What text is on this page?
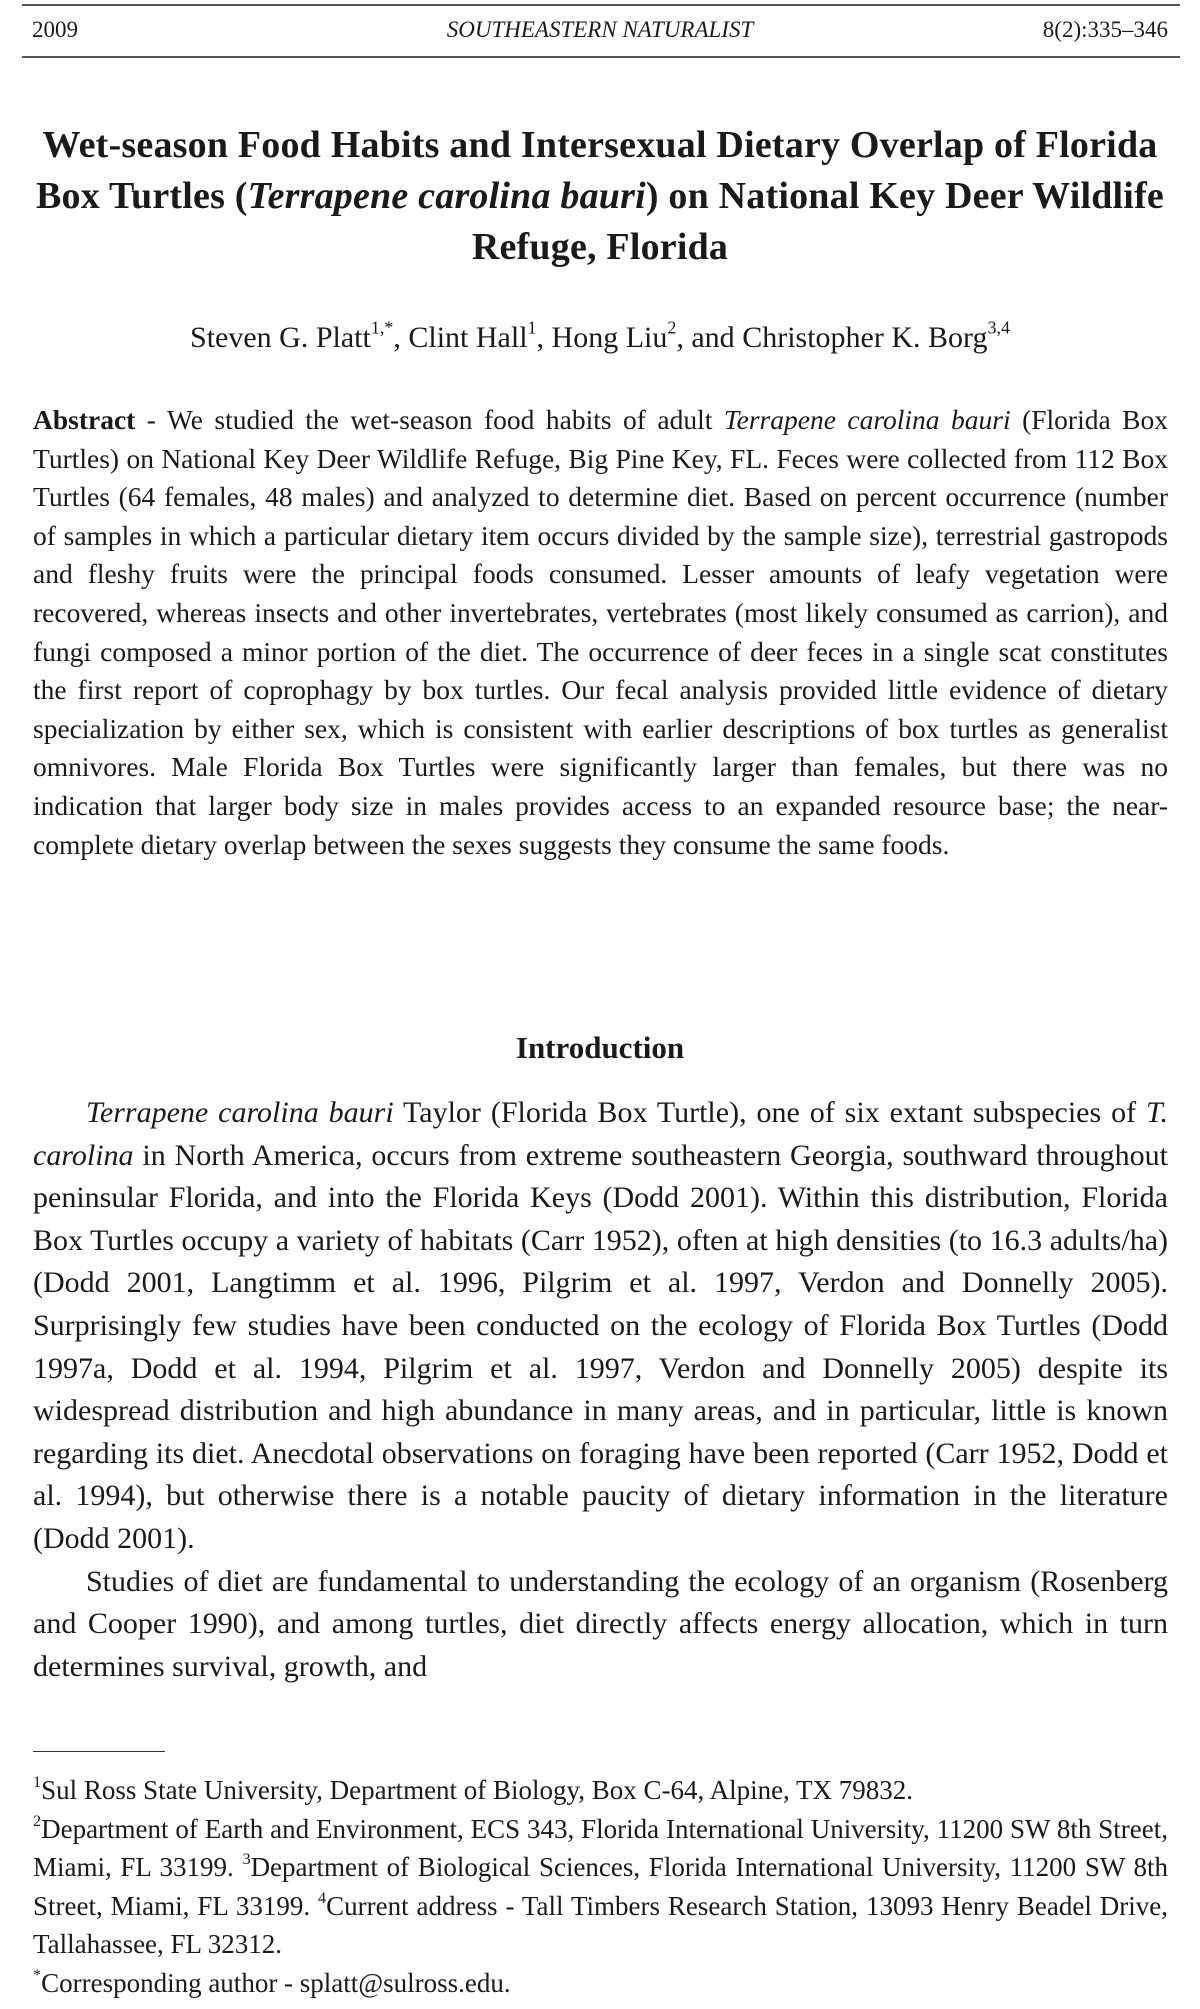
2009	SOUTHEASTERN NATURALIST	8(2):335–346
Wet-season Food Habits and Intersexual Dietary Overlap of Florida Box Turtles (Terrapene carolina bauri) on National Key Deer Wildlife Refuge, Florida
Steven G. Platt$^{1,*}$, Clint Hall$^1$, Hong Liu$^2$, and Christopher K. Borg$^{3,4}$
Abstract - We studied the wet-season food habits of adult Terrapene carolina bauri (Florida Box Turtles) on National Key Deer Wildlife Refuge, Big Pine Key, FL. Feces were collected from 112 Box Turtles (64 females, 48 males) and analyzed to determine diet. Based on percent occurrence (number of samples in which a particular dietary item occurs divided by the sample size), terrestrial gastropods and fleshy fruits were the principal foods consumed. Lesser amounts of leafy vegetation were recovered, whereas insects and other invertebrates, vertebrates (most likely consumed as carrion), and fungi composed a minor portion of the diet. The occurrence of deer feces in a single scat constitutes the first report of coprophagy by box turtles. Our fecal analysis provided little evidence of dietary specialization by either sex, which is consistent with earlier descriptions of box turtles as generalist omnivores. Male Florida Box Turtles were significantly larger than females, but there was no indication that larger body size in males provides access to an expanded resource base; the near-complete dietary overlap between the sexes suggests they consume the same foods.
Introduction

Terrapene carolina bauri Taylor (Florida Box Turtle), one of six extant subspecies of T. carolina in North America, occurs from extreme southeastern Georgia, southward throughout peninsular Florida, and into the Florida Keys (Dodd 2001). Within this distribution, Florida Box Turtles occupy a variety of habitats (Carr 1952), often at high densities (to 16.3 adults/ha) (Dodd 2001, Langtimm et al. 1996, Pilgrim et al. 1997, Verdon and Donnelly 2005). Surprisingly few studies have been conducted on the ecology of Florida Box Turtles (Dodd 1997a, Dodd et al. 1994, Pilgrim et al. 1997, Verdon and Donnelly 2005) despite its widespread distribution and high abundance in many areas, and in particular, little is known regarding its diet. Anecdotal observations on foraging have been reported (Carr 1952, Dodd et al. 1994), but otherwise there is a notable paucity of dietary information in the literature (Dodd 2001).

Studies of diet are fundamental to understanding the ecology of an organism (Rosenberg and Cooper 1990), and among turtles, diet directly affects energy allocation, which in turn determines survival, growth, and

$^1$Sul Ross State University, Department of Biology, Box C-64, Alpine, TX 79832.
$^2$Department of Earth and Environment, ECS 343, Florida International University, 11200 SW 8th Street, Miami, FL 33199. $^3$Department of Biological Sciences, Florida International University, 11200 SW 8th Street, Miami, FL 33199. $^4$Current address - Tall Timbers Research Station, 13093 Henry Beadel Drive, Tallahassee, FL 32312.
*Corresponding author - splatt@sulross.edu.
